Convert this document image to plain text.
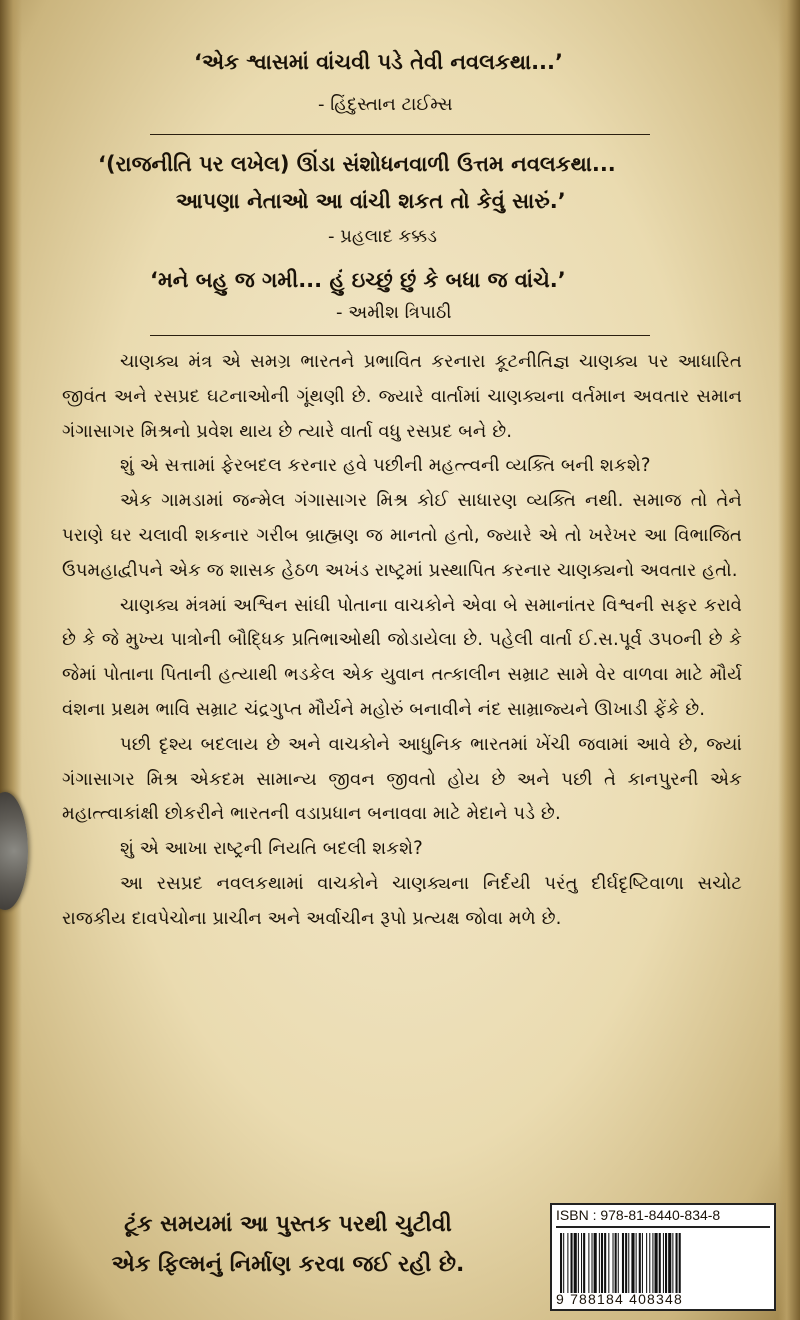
‘એક શ્વાસમાં વાંચવી પડે તેવી નવલકથા...’
- હિંદુસ્તાન ટાઈમ્સ
‘(રાજનીતિ પર લખેલ) ઊંડા સંશોધનવાળી ઉત્તમ નવલકથા...
આપણા નેતાઓ આ વાંચી શકત તો કેવું સારું.’
- પ્રહલાદ કક્કડ
‘મને બહુ જ ગમી... હું ઇચ્છું છું કે બધા જ વાંચે.’
- અમીશ ત્રિપાઠી

ચાણક્ય મંત્ર એ સમગ્ર ભારતને પ્રભાવિત કરનારા કૂટનીતિજ્ઞ ચાણક્ય પર આધારિત જીવંત અને રસપ્રદ ઘટનાઓની ગૂંથણી છે. જ્યારે વાર્તામાં ચાણક્યના વર્તમાન અવતાર સમાન ગંગાસાગર મિશ્રનો પ્રવેશ થાય છે ત્યારે વાર્તા વધુ રસપ્રદ બને છે.

શું એ સત્તામાં ફેરબદલ કરનાર હવે પછીની મહત્ત્વની વ્યક્તિ બની શકશે?

એક ગામડામાં જન્મેલ ગંગાસાગર મિશ્ર કોઈ સાધારણ વ્યક્તિ નથી. સમાજ તો તેને પરાણે ઘર ચલાવી શકનાર ગરીબ બ્રાહ્મણ જ માનતો હતો, જ્યારે એ તો ખરેખર આ વિભાજિત ઉપમહાદ્વીપને એક જ શાસક હેઠળ અખંડ રાષ્ટ્રમાં પ્રસ્થાપિત કરનાર ચાણક્યનો અવતાર હતો.

ચાણક્ય મંત્રમાં અશ્વિન સાંઘી પોતાના વાચકોને એવા બે સમાનાંતર વિશ્વની સફર કરાવે છે કે જે મુખ્ય પાત્રોની બૌદ્ધિક પ્રતિભાઓથી જોડાયેલા છે. પહેલી વાર્તા ઈ.સ.પૂર્વ ૩૫૦ની છે કે જેમાં પોતાના પિતાની હત્યાથી ભડકેલ એક યુવાન તત્કાલીન સમ્રાટ સામે વેર વાળવા માટે મૌર્ય વંશના પ્રથમ ભાવિ સમ્રાટ ચંદ્રગુપ્ત મૌર્યને મહોરું બનાવીને નંદ સામ્રાજ્યને ઊખાડી ફેંકે છે.

પછી દૃશ્ય બદલાય છે અને વાચકોને આધુનિક ભારતમાં ખેંચી જવામાં આવે છે, જ્યાં ગંગાસાગર મિશ્ર એકદમ સામાન્ય જીવન જીવતો હોય છે અને પછી તે કાનપુરની એક મહાત્ત્વાકાંક્ષી છોકરીને ભારતની વડાપ્રધાન બનાવવા માટે મેદાને પડે છે.

શું એ આખા રાષ્ટ્રની નિયતિ બદલી શકશે?

આ રસપ્રદ નવલકથામાં વાચકોને ચાણક્યના નિર્દયી પરંતુ દીર્ઘદૃષ્ટિવાળા સચોટ રાજકીય દાવપેચોના પ્રાચીન અને અર્વાચીન રૂપો પ્રત્યક્ષ જોવા મળે છે.

ટૂંક સમયમાં આ પુસ્તક પરથી ચુટીવી
એક ફિલ્મનું નિર્માણ કરવા જઈ રહી છે.
ISBN : 978-81-8440-834-8
9 788184 408348
